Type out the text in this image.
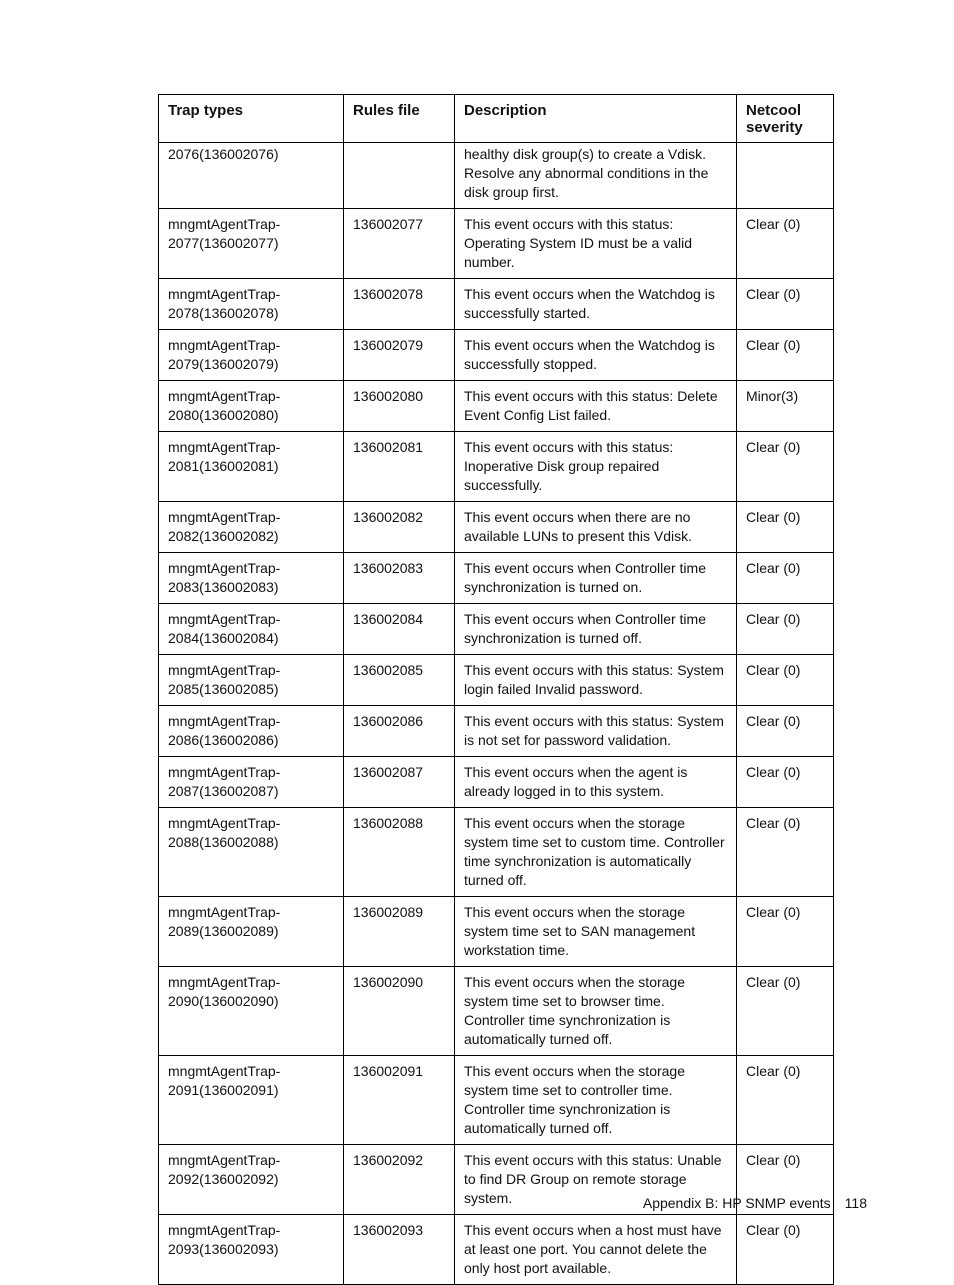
Trap types	Rules file	Description	Netcool severity
2076(136002076)		healthy disk group(s) to create a Vdisk. Resolve any abnormal conditions in the disk group first.	
mngmtAgentTrap-2077(136002077)	136002077	This event occurs with this status: Operating System ID must be a valid number.	Clear (0)
mngmtAgentTrap-2078(136002078)	136002078	This event occurs when the Watchdog is successfully started.	Clear (0)
mngmtAgentTrap-2079(136002079)	136002079	This event occurs when the Watchdog is successfully stopped.	Clear (0)
mngmtAgentTrap-2080(136002080)	136002080	This event occurs with this status: Delete Event Config List failed.	Minor(3)
mngmtAgentTrap-2081(136002081)	136002081	This event occurs with this status: Inoperative Disk group repaired successfully.	Clear (0)
mngmtAgentTrap-2082(136002082)	136002082	This event occurs when there are no available LUNs to present this Vdisk.	Clear (0)
mngmtAgentTrap-2083(136002083)	136002083	This event occurs when Controller time synchronization is turned on.	Clear (0)
mngmtAgentTrap-2084(136002084)	136002084	This event occurs when Controller time synchronization is turned off.	Clear (0)
mngmtAgentTrap-2085(136002085)	136002085	This event occurs with this status: System login failed Invalid password.	Clear (0)
mngmtAgentTrap-2086(136002086)	136002086	This event occurs with this status: System is not set for password validation.	Clear (0)
mngmtAgentTrap-2087(136002087)	136002087	This event occurs when the agent is already logged in to this system.	Clear (0)
mngmtAgentTrap-2088(136002088)	136002088	This event occurs when the storage system time set to custom time. Controller time synchronization is automatically turned off.	Clear (0)
mngmtAgentTrap-2089(136002089)	136002089	This event occurs when the storage system time set to SAN management workstation time.	Clear (0)
mngmtAgentTrap-2090(136002090)	136002090	This event occurs when the storage system time set to browser time. Controller time synchronization is automatically turned off.	Clear (0)
mngmtAgentTrap-2091(136002091)	136002091	This event occurs when the storage system time set to controller time. Controller time synchronization is automatically turned off.	Clear (0)
mngmtAgentTrap-2092(136002092)	136002092	This event occurs with this status: Unable to find DR Group on remote storage system.	Clear (0)
mngmtAgentTrap-2093(136002093)	136002093	This event occurs when a host must have at least one port. You cannot delete the only host port available.	Clear (0)
Appendix B: HP SNMP events 118
